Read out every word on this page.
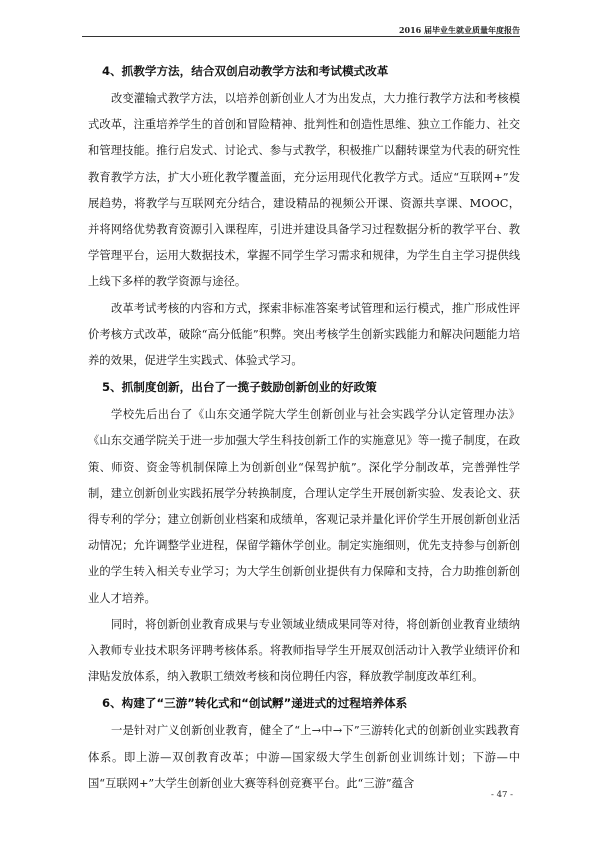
2016 届毕业生就业质量年度报告
4、抓教学方法，结合双创启动教学方法和考试模式改革

改变灌输式教学方法，以培养创新创业人才为出发点，大力推行教学方法和考核模式改革，注重培养学生的首创和冒险精神、批判性和创造性思维、独立工作能力、社交和管理技能。推行启发式、讨论式、参与式教学，积极推广以翻转课堂为代表的研究性教育教学方法，扩大小班化教学覆盖面，充分运用现代化教学方式。适应“互联网+”发展趋势，将教学与互联网充分结合，建设精品的视频公开课、资源共享课、MOOC，并将网络优势教育资源引入课程库，引进并建设具备学习过程数据分析的教学平台、教学管理平台，运用大数据技术，掌握不同学生学习需求和规律，为学生自主学习提供线上线下多样的教学资源与途径。

改革考试考核的内容和方式，探索非标准答案考试管理和运行模式，推广形成性评价考核方式改革，破除“高分低能”积弊。突出考核学生创新实践能力和解决问题能力培养的效果，促进学生实践式、体验式学习。

5、抓制度创新，出台了一揽子鼓励创新创业的好政策

学校先后出台了《山东交通学院大学生创新创业与社会实践学分认定管理办法》《山东交通学院关于进一步加强大学生科技创新工作的实施意见》等一揽子制度，在政策、师资、资金等机制保障上为创新创业“保驾护航”。深化学分制改革，完善弹性学制，建立创新创业实践拓展学分转换制度，合理认定学生开展创新实验、发表论文、获得专利的学分；建立创新创业档案和成绩单，客观记录并量化评价学生开展创新创业活动情况；允许调整学业进程，保留学籍休学创业。制定实施细则，优先支持参与创新创业的学生转入相关专业学习；为大学生创新创业提供有力保障和支持，合力助推创新创业人才培养。

同时，将创新创业教育成果与专业领域业绩成果同等对待，将创新创业教育业绩纳入教师专业技术职务评聘考核体系。将教师指导学生开展双创活动计入教学业绩评价和津贴发放体系，纳入教职工绩效考核和岗位聘任内容，释放教学制度改革红利。

6、构建了“三游”转化式和“创试孵”递进式的过程培养体系

一是针对广义创新创业教育，健全了“上→中→下”三游转化式的创新创业实践教育体系。即上游—双创教育改革；中游—国家级大学生创新创业训练计划；下游—中国“互联网+”大学生创新创业大赛等科创竞赛平台。此“三游”蕴含

- 47 -
